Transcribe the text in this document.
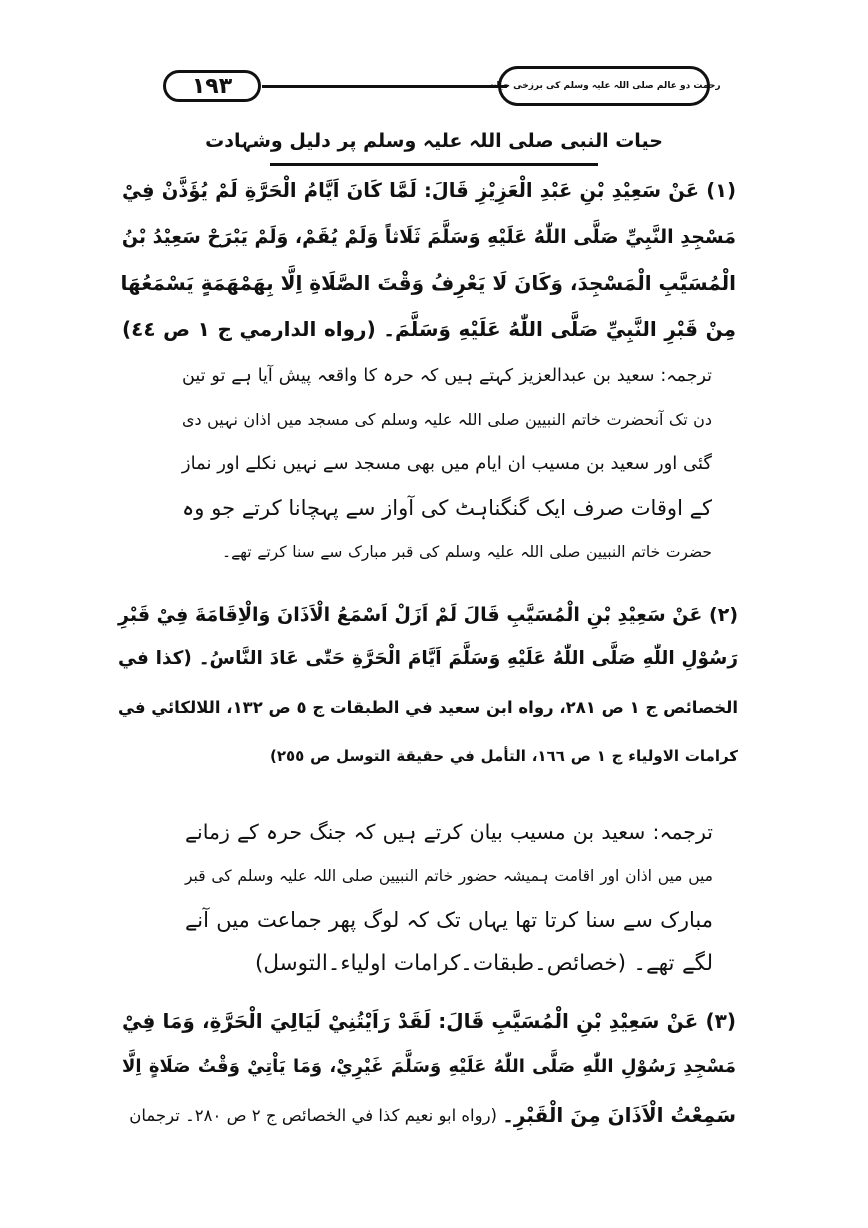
۱۹۳	رحمت دو عالم صلی اللہ علیہ وسلم کی برزخی حیات
حیات النبی صلی اللہ علیہ وسلم پر دلیل وشہادت
(۱) عَنْ سَعِيْدِ بْنِ عَبْدِ الْعَزِيْزِ قَالَ: لَمَّا كَانَ اَيَّامُ الْحَرَّةِ لَمْ يُؤَذَّنْ فِيْ
مَسْجِدِ النَّبِيِّ صَلَّى اللّٰهُ عَلَيْهِ وَسَلَّمَ ثَلَاثاً وَلَمْ يُقَمْ، وَلَمْ يَبْرَحْ سَعِيْدُ بْنُ
الْمُسَيَّبِ الْمَسْجِدَ، وَكَانَ لَا يَعْرِفُ وَقْتَ الصَّلَاةِ اِلَّا بِهَمْهَمَةٍ يَسْمَعُهَا
مِنْ قَبْرِ النَّبِيِّ صَلَّى اللّٰهُ عَلَيْهِ وَسَلَّمَ۔ (رواه الدارمي ج ١ ص ٤٤)
ترجمہ: سعید بن عبدالعزیز کہتے ہیں کہ حرہ کا واقعہ پیش آیا ہے تو تین
دن تک آنحضرت خاتم النبیین صلی اللہ علیہ وسلم کی مسجد میں اذان نہیں دی
گئی اور سعید بن مسیب ان ایام میں بھی مسجد سے نہیں نکلے اور نماز
کے اوقات صرف ایک گنگناہٹ کی آواز سے پہچانا کرتے جو وہ
حضرت خاتم النبیین صلی اللہ علیہ وسلم کی قبر مبارک سے سنا کرتے تھے۔
(۲) عَنْ سَعِيْدِ بْنِ الْمُسَيَّبِ قَالَ لَمْ اَزَلْ اَسْمَعُ الْاَذَانَ وَالْاِقَامَةَ فِيْ قَبْرِ
رَسُوْلِ اللّٰهِ صَلَّى اللّٰهُ عَلَيْهِ وَسَلَّمَ اَيَّامَ الْحَرَّةِ حَتّٰى عَادَ النَّاسُ۔ (كذا في
الخصائص ج ١ ص ٢٨١، رواه ابن سعيد في الطبقات ج ٥ ص ١٣٢، اللالكائي في
كرامات الاولياء ج ١ ص ١٦٦، التأمل في حقيقة التوسل ص ٢٥٥)
ترجمہ: سعید بن مسیب بیان کرتے ہیں کہ جنگ حرہ کے زمانے
میں میں اذان اور اقامت ہمیشہ حضور خاتم النبیین صلی اللہ علیہ وسلم کی قبر
مبارک سے سنا کرتا تھا یہاں تک کہ لوگ پھر جماعت میں آنے
لگے تھے۔ (خصائص۔طبقات۔کرامات اولیاء۔التوسل)
(۳) عَنْ سَعِيْدِ بْنِ الْمُسَيَّبِ قَالَ: لَقَدْ رَاَيْتُنِيْ لَيَالِيَ الْحَرَّةِ، وَمَا فِيْ
مَسْجِدِ رَسُوْلِ اللّٰهِ صَلَّى اللّٰهُ عَلَيْهِ وَسَلَّمَ غَيْرِيْ، وَمَا يَاْتِيْ وَقْتُ صَلَاةٍ اِلَّا
سَمِعْتُ الْاَذَانَ مِنَ الْقَبْرِ۔
(رواه ابو نعيم كذا في الخصائص ج ٢ ص ٢٨٠۔ ترجمان
